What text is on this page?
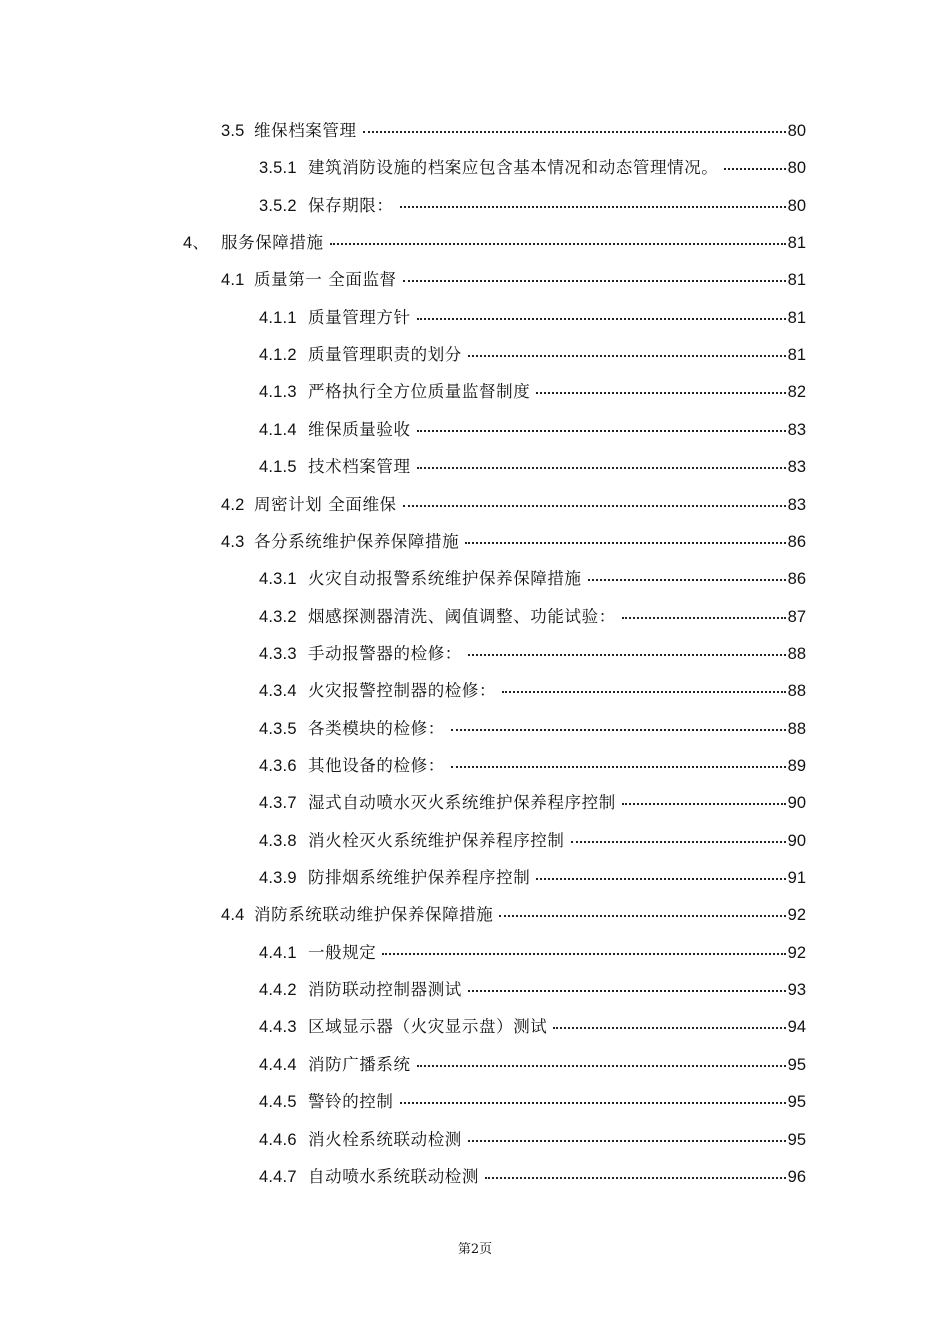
3.5 维保档案管理	80
3.5.1 建筑消防设施的档案应包含基本情况和动态管理情况。	80
3.5.2 保存期限：	80
4、 服务保障措施	81
4.1 质量第一 全面监督	81
4.1.1 质量管理方针	81
4.1.2 质量管理职责的划分	81
4.1.3 严格执行全方位质量监督制度	82
4.1.4 维保质量验收	83
4.1.5 技术档案管理	83
4.2 周密计划 全面维保	83
4.3 各分系统维护保养保障措施	86
4.3.1 火灾自动报警系统维护保养保障措施	86
4.3.2 烟感探测器清洗、阈值调整、功能试验：	87
4.3.3 手动报警器的检修：	88
4.3.4 火灾报警控制器的检修：	88
4.3.5 各类模块的检修：	88
4.3.6 其他设备的检修：	89
4.3.7 湿式自动喷水灭火系统维护保养程序控制	90
4.3.8 消火栓灭火系统维护保养程序控制	90
4.3.9 防排烟系统维护保养程序控制	91
4.4 消防系统联动维护保养保障措施	92
4.4.1 一般规定	92
4.4.2 消防联动控制器测试	93
4.4.3 区域显示器（火灾显示盘）测试	94
4.4.4 消防广播系统	95
4.4.5 警铃的控制	95
4.4.6 消火栓系统联动检测	95
4.4.7 自动喷水系统联动检测	96
第2页
